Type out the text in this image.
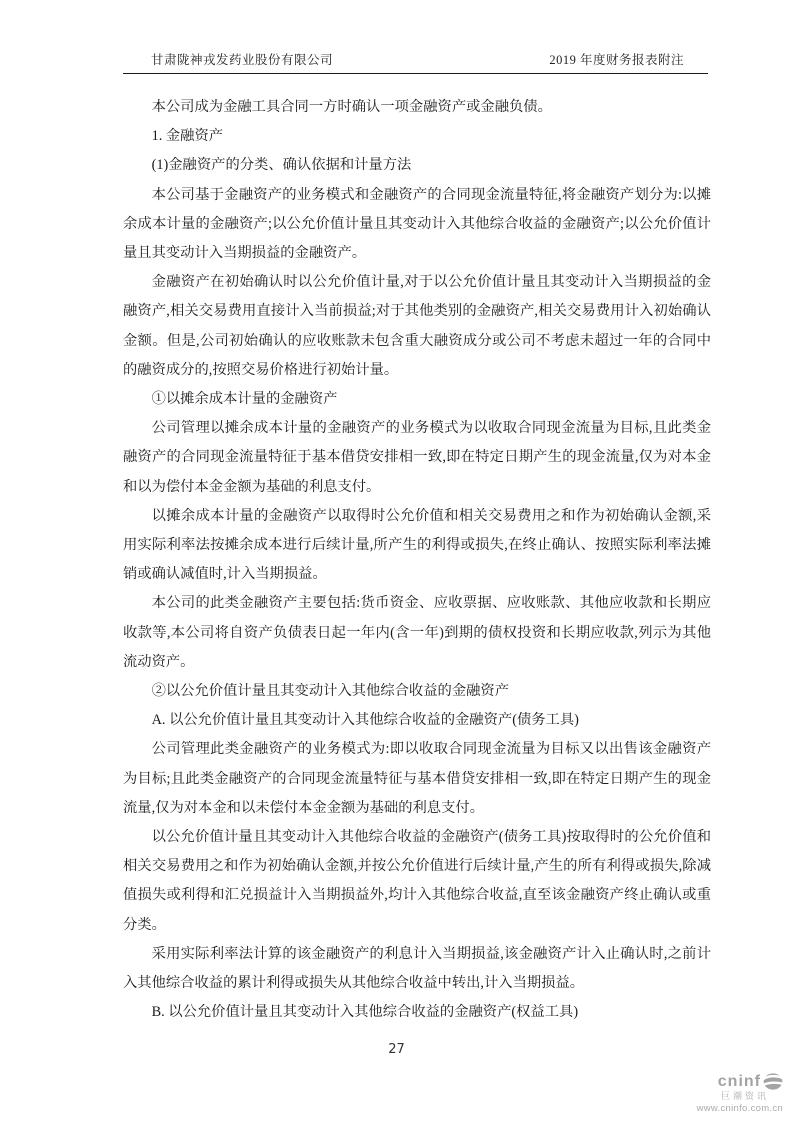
甘肃陇神戎发药业股份有限公司	2019 年度财务报表附注

本公司成为金融工具合同一方时确认一项金融资产或金融负债。

1. 金融资产

(1)金融资产的分类、确认依据和计量方法

本公司基于金融资产的业务模式和金融资产的合同现金流量特征,将金融资产划分为:以摊余成本计量的金融资产;以公允价值计量且其变动计入其他综合收益的金融资产;以公允价值计量且其变动计入当期损益的金融资产。

金融资产在初始确认时以公允价值计量,对于以公允价值计量且其变动计入当期损益的金融资产,相关交易费用直接计入当前损益;对于其他类别的金融资产,相关交易费用计入初始确认金额。但是,公司初始确认的应收账款未包含重大融资成分或公司不考虑未超过一年的合同中的融资成分的,按照交易价格进行初始计量。

①以摊余成本计量的金融资产

公司管理以摊余成本计量的金融资产的业务模式为以收取合同现金流量为目标,且此类金融资产的合同现金流量特征于基本借贷安排相一致,即在特定日期产生的现金流量,仅为对本金和以为偿付本金金额为基础的利息支付。

以摊余成本计量的金融资产以取得时公允价值和相关交易费用之和作为初始确认金额,采用实际利率法按摊余成本进行后续计量,所产生的利得或损失,在终止确认、按照实际利率法摊销或确认减值时,计入当期损益。

本公司的此类金融资产主要包括:货币资金、应收票据、应收账款、其他应收款和长期应收款等,本公司将自资产负债表日起一年内(含一年)到期的债权投资和长期应收款,列示为其他流动资产。

②以公允价值计量且其变动计入其他综合收益的金融资产

A. 以公允价值计量且其变动计入其他综合收益的金融资产(债务工具)

公司管理此类金融资产的业务模式为:即以收取合同现金流量为目标又以出售该金融资产为目标;且此类金融资产的合同现金流量特征与基本借贷安排相一致,即在特定日期产生的现金流量,仅为对本金和以未偿付本金金额为基础的利息支付。

以公允价值计量且其变动计入其他综合收益的金融资产(债务工具)按取得时的公允价值和相关交易费用之和作为初始确认金额,并按公允价值进行后续计量,产生的所有利得或损失,除减值损失或利得和汇兑损益计入当期损益外,均计入其他综合收益,直至该金融资产终止确认或重分类。

采用实际利率法计算的该金融资产的利息计入当期损益,该金融资产计入止确认时,之前计入其他综合收益的累计利得或损失从其他综合收益中转出,计入当期损益。

B. 以公允价值计量且其变动计入其他综合收益的金融资产(权益工具)

27
cninf
巨潮资讯
www.cninfo.com.cn
